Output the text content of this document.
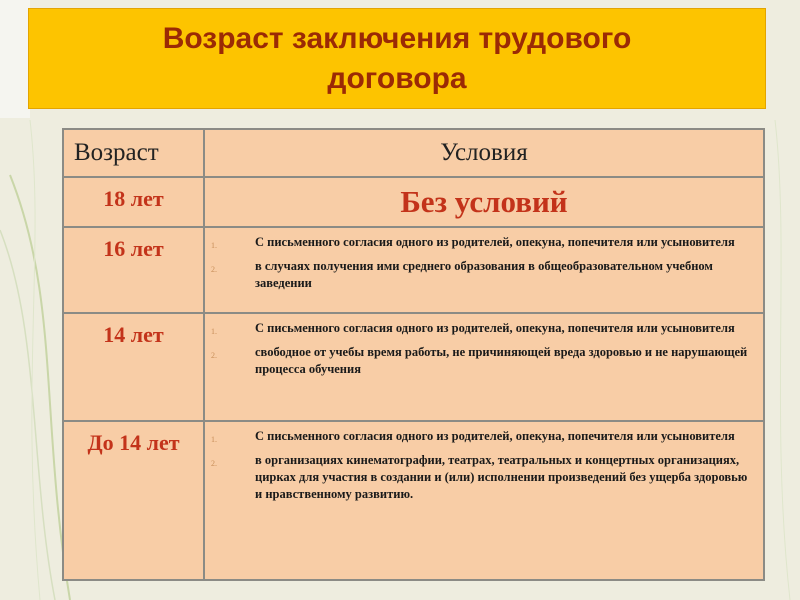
Возраст заключения трудового договора
Возраст	Условия
18 лет	Без условий
16 лет	1. С письменного согласия одного из родителей, опекуна, попечителя или усыновителя
2. в случаях получения ими среднего образования в общеобразовательном учебном заведении

14 лет	1. С письменного согласия одного из родителей, опекуна, попечителя или усыновителя
2. свободное от учебы время работы, не причиняющей вреда здоровью и не нарушающей процесса обучения

До 14 лет	1. С письменного согласия одного из родителей, опекуна, попечителя или усыновителя
2. в организациях кинематографии, театрах, театральных и концертных организациях, цирках для участия в создании и (или) исполнении произведений без ущерба здоровью и нравственному развитию.
